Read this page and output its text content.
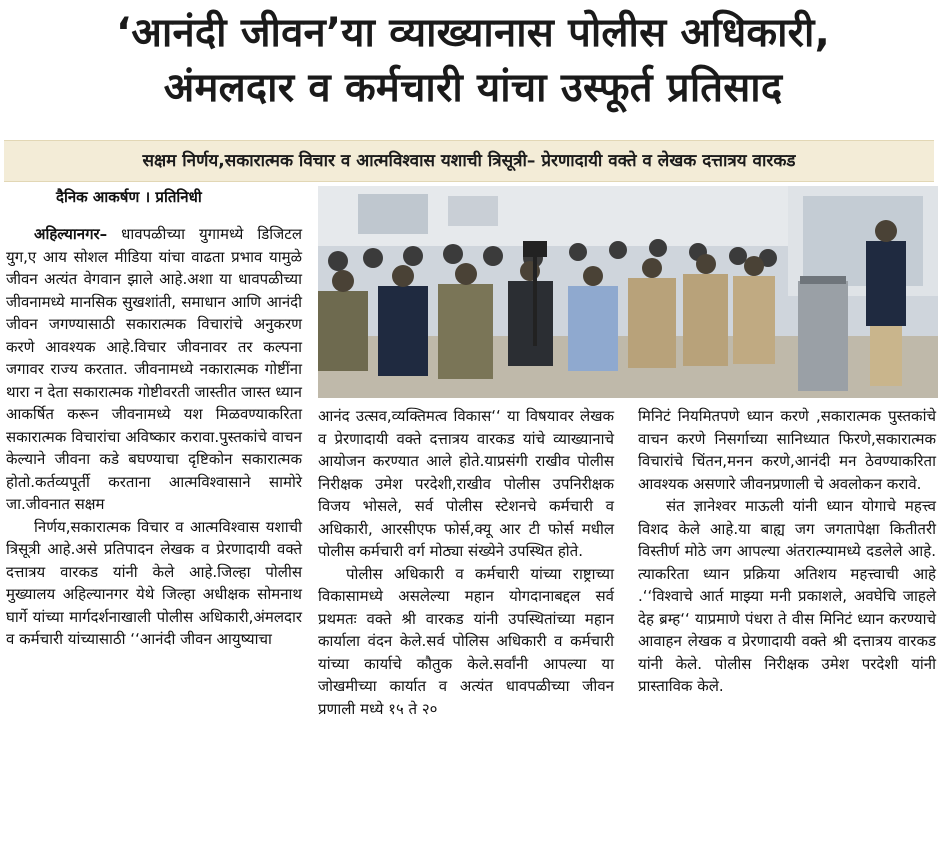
‘आनंदी जीवन’या व्याख्यानास पोलीस अधिकारी,
अंमलदार व कर्मचारी यांचा उस्फूर्त प्रतिसाद
सक्षम निर्णय,सकारात्मक विचार व आत्मविश्वास यशाची त्रिसूत्री– प्रेरणादायी वक्ते व लेखक दत्तात्रय वारकड
दैनिक आकर्षण । प्रतिनिधी

अहिल्यानगर– धावपळीच्या युगामध्ये डिजिटल युग,ए आय सोशल मीडिया यांचा वाढता प्रभाव यामुळे जीवन अत्यंत वेगवान झाले आहे.अशा या धावपळीच्या जीवनामध्ये मानसिक सुखशांती, समाधान आणि आनंदी जीवन जगण्यासाठी सकारात्मक विचारांचे अनुकरण करणे आवश्यक आहे.विचार जीवनावर तर कल्पना जगावर राज्य करतात. जीवनामध्ये नकारात्मक गोष्टींना थारा न देता सकारात्मक गोष्टीवरती जास्तीत जास्त ध्यान आकर्षित करून जीवनामध्ये यश मिळवण्याकरिता सकारात्मक विचारांचा अविष्कार करावा.पुस्तकांचे वाचन केल्याने जीवना कडे बघण्याचा दृष्टिकोन सकारात्मक होतो.कर्तव्यपूर्ती करताना आत्मविश्वासाने सामोरे जा.जीवनात सक्षम

निर्णय,सकारात्मक विचार व आत्मविश्वास यशाची त्रिसूत्री आहे.असे प्रतिपादन लेखक व प्रेरणादायी वक्ते दत्तात्रय वारकड यांनी केले आहे.जिल्हा पोलीस मुख्यालय अहिल्यानगर येथे जिल्हा अधीक्षक सोमनाथ घार्गे यांच्या मार्गदर्शनाखाली पोलीस अधिकारी,अंमलदार व कर्मचारी यांच्यासाठी ‘‘आनंदी जीवन आयुष्याचा

आनंद उत्सव,व्यक्तिमत्व विकास‘‘ या विषयावर लेखक व प्रेरणादायी वक्ते दत्तात्रय वारकड यांचे व्याख्यानाचे आयोजन करण्यात आले होते.याप्रसंगी राखीव पोलीस निरीक्षक उमेश परदेशी,राखीव पोलीस उपनिरीक्षक विजय भोसले, सर्व पोलीस स्टेशनचे कर्मचारी व अधिकारी, आरसीएफ फोर्स,क्यू आर टी फोर्स मधील पोलीस कर्मचारी वर्ग मोठ्या संख्येने उपस्थित होते.

पोलीस अधिकारी व कर्मचारी यांच्या राष्ट्राच्या विकासामध्ये असलेल्या महान योगदानाबद्दल सर्व प्रथमतः वक्ते श्री वारकड यांनी उपस्थितांच्या महान कार्याला वंदन केले.सर्व पोलिस अधिकारी व कर्मचारी यांच्या कार्याचे कौतुक केले.सर्वांनी आपल्या या जोखमीच्या कार्यात व अत्यंत धावपळीच्या जीवन प्रणाली मध्ये १५ ते २०

मिनिटं नियमितपणे ध्यान करणे ,सकारात्मक पुस्तकांचे वाचन करणे निसर्गाच्या सानिध्यात फिरणे,सकारात्मक विचारांचे चिंतन,मनन करणे,आनंदी मन ठेवण्याकरिता आवश्यक असणारे जीवनप्रणाली चे अवलोकन करावे.

संत ज्ञानेश्वर माऊली यांनी ध्यान योगाचे महत्त्व विशद केले आहे.या बाह्य जग जगतापेक्षा कितीतरी विस्तीर्ण मोठे जग आपल्या अंतरात्म्यामध्ये दडलेले आहे. त्याकरिता ध्यान प्रक्रिया अतिशय महत्त्वाची आहे .‘‘विश्वाचे आर्त माझ्या मनी प्रकाशले, अवघेचि जाहले देह ब्रम्ह‘‘ याप्रमाणे पंधरा ते वीस मिनिटं ध्यान करण्याचे आवाहन लेखक व प्रेरणादायी वक्ते श्री दत्तात्रय वारकड यांनी केले. पोलीस निरीक्षक उमेश परदेशी यांनी प्रास्ताविक केले.
